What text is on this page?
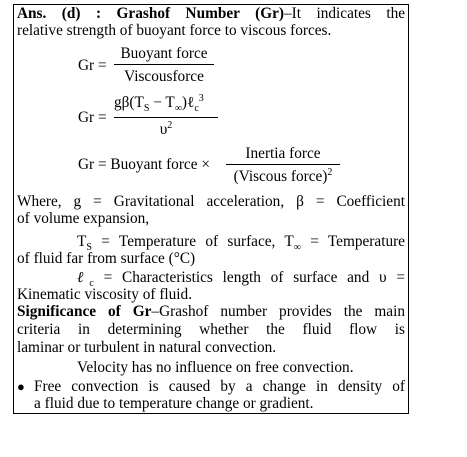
Ans. (d) : Grashof Number (Gr)–It indicates the
relative strength of buoyant force to viscous forces.
Gr =
Buoyant force
Viscousforce
Gr =
$g\beta(T_S$ − $T_\infty)\ell_c^3$
$\upsilon^2$
Gr = Buoyant force ×
Inertia force
(Viscous force)$^2$
Where, g = Gravitational acceleration, β = Coefficient
of volume expansion,
$T_S$ = Temperature of surface, $T_\infty$ = Temperature
of fluid far from surface (°C)
ℓ$_c$ = Characteristics length of surface and υ =
Kinematic viscosity of fluid.
Significance of Gr–Grashof number provides the main
criteria in determining whether the fluid flow is
laminar or turbulent in natural convection.
Velocity has no influence on free convection.
● Free convection is caused by a change in density of
a fluid due to temperature change or gradient.
